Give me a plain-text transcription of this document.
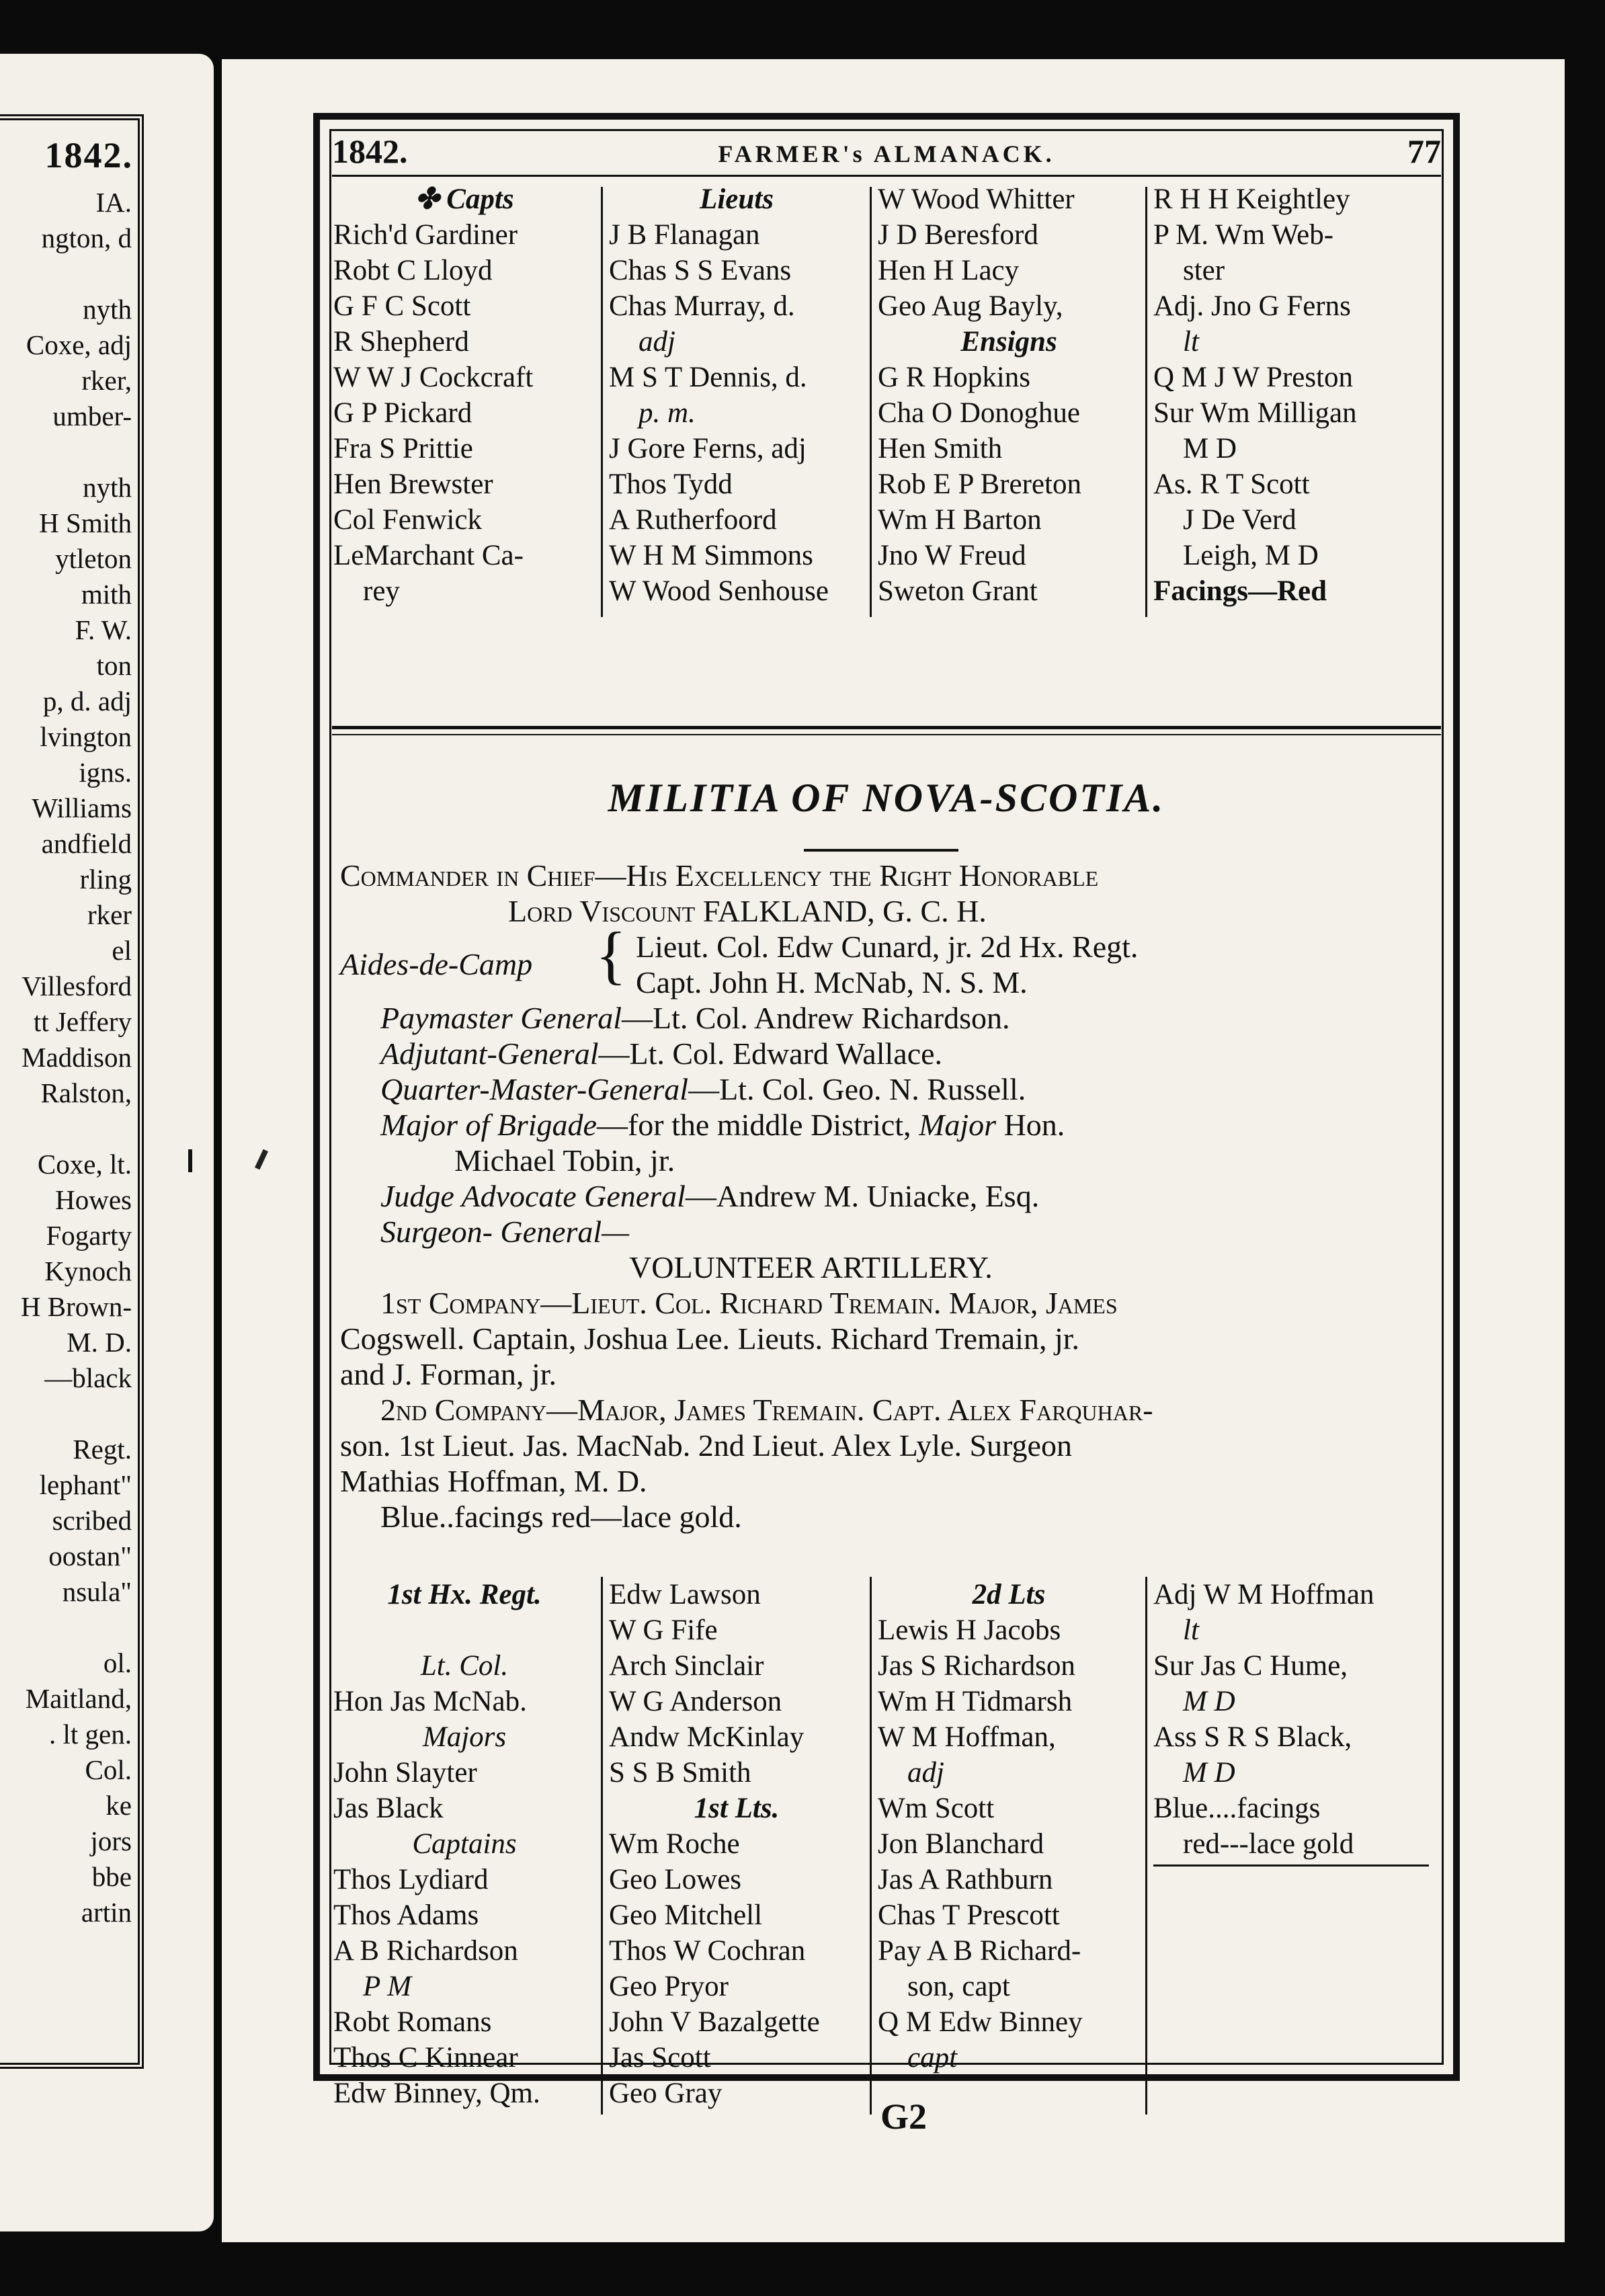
1842.
IA.
ngton, d

nyth
Coxe, adj
rker,
umber-

nyth
H Smith
ytleton
mith
F. W.
ton
p, d. adj
lvington
igns.
Williams
andfield
rling
rker
el
Villesford
tt Jeffery
Maddison
Ralston,

Coxe, lt.
Howes
Fogarty
Kynoch
H Brown-
M. D.
—black

Regt.
lephant"
scribed
oostan"
nsula"

ol.
Maitland,
. lt gen.
Col.
ke
jors
bbe
artin
1842.	FARMER's ALMANACK.	77
✤ Capts
Rich'd Gardiner
Robt C Lloyd
G F C Scott
R Shepherd
W W J Cockcraft
G P Pickard
Fra S Prittie
Hen Brewster
Col Fenwick
LeMarchant Ca-
rey
Lieuts
J B Flanagan
Chas S S Evans
Chas Murray, d.
adj
M S T Dennis, d.
p. m.
J Gore Ferns, adj
Thos Tydd
A Rutherfoord
W H M Simmons
W Wood Senhouse
W Wood Whitter
J D Beresford
Hen H Lacy
Geo Aug Bayly,
Ensigns
G R Hopkins
Cha O Donoghue
Hen Smith
Rob E P Brereton
Wm H Barton
Jno W Freud
Sweton Grant
R H H Keightley
P M. Wm Web-
ster
Adj. Jno G Ferns
lt
Q M J W Preston
Sur Wm Milligan
M D
As. R T Scott
J De Verd
Leigh, M D
Facings—Red
MILITIA OF NOVA-SCOTIA.
Commander in Chief—His Excellency the Right Honorable
Lord Viscount FALKLAND, G. C. H.
Aides-de-Camp { Lieut. Col. Edw Cunard, jr. 2d Hx. Regt.
Capt. John H. McNab, N. S. M.
Paymaster General—Lt. Col. Andrew Richardson.
Adjutant-General—Lt. Col. Edward Wallace.
Quarter-Master-General—Lt. Col. Geo. N. Russell.
Major of Brigade—for the middle District, Major Hon.
Michael Tobin, jr.
Judge Advocate General—Andrew M. Uniacke, Esq.
Surgeon- General—
VOLUNTEER ARTILLERY.
1st Company—Lieut. Col. Richard Tremain. Major, James
Cogswell. Captain, Joshua Lee. Lieuts. Richard Tremain, jr.
and J. Forman, jr.
2nd Company—Major, James Tremain. Capt. Alex Farquhar-
son. 1st Lieut. Jas. MacNab. 2nd Lieut. Alex Lyle. Surgeon
Mathias Hoffman, M. D.
Blue..facings red—lace gold.
1st Hx. Regt.
Lt. Col.
Hon Jas McNab.
Majors
John Slayter
Jas Black
Captains
Thos Lydiard
Thos Adams
A B Richardson
P M
Robt Romans
Thos C Kinnear
Edw Binney, Qm.
Edw Lawson
W G Fife
Arch Sinclair
W G Anderson
Andw McKinlay
S S B Smith
1st Lts.
Wm Roche
Geo Lowes
Geo Mitchell
Thos W Cochran
Geo Pryor
John V Bazalgette
Jas Scott
Geo Gray
2d Lts
Lewis H Jacobs
Jas S Richardson
Wm H Tidmarsh
W M Hoffman,
adj
Wm Scott
Jon Blanchard
Jas A Rathburn
Chas T Prescott
Pay A B Richard-
son, capt
Q M Edw Binney
capt
Adj W M Hoffman
lt
Sur Jas C Hume,
M D
Ass S R S Black,
M D
Blue....facings
red---lace gold
G2
